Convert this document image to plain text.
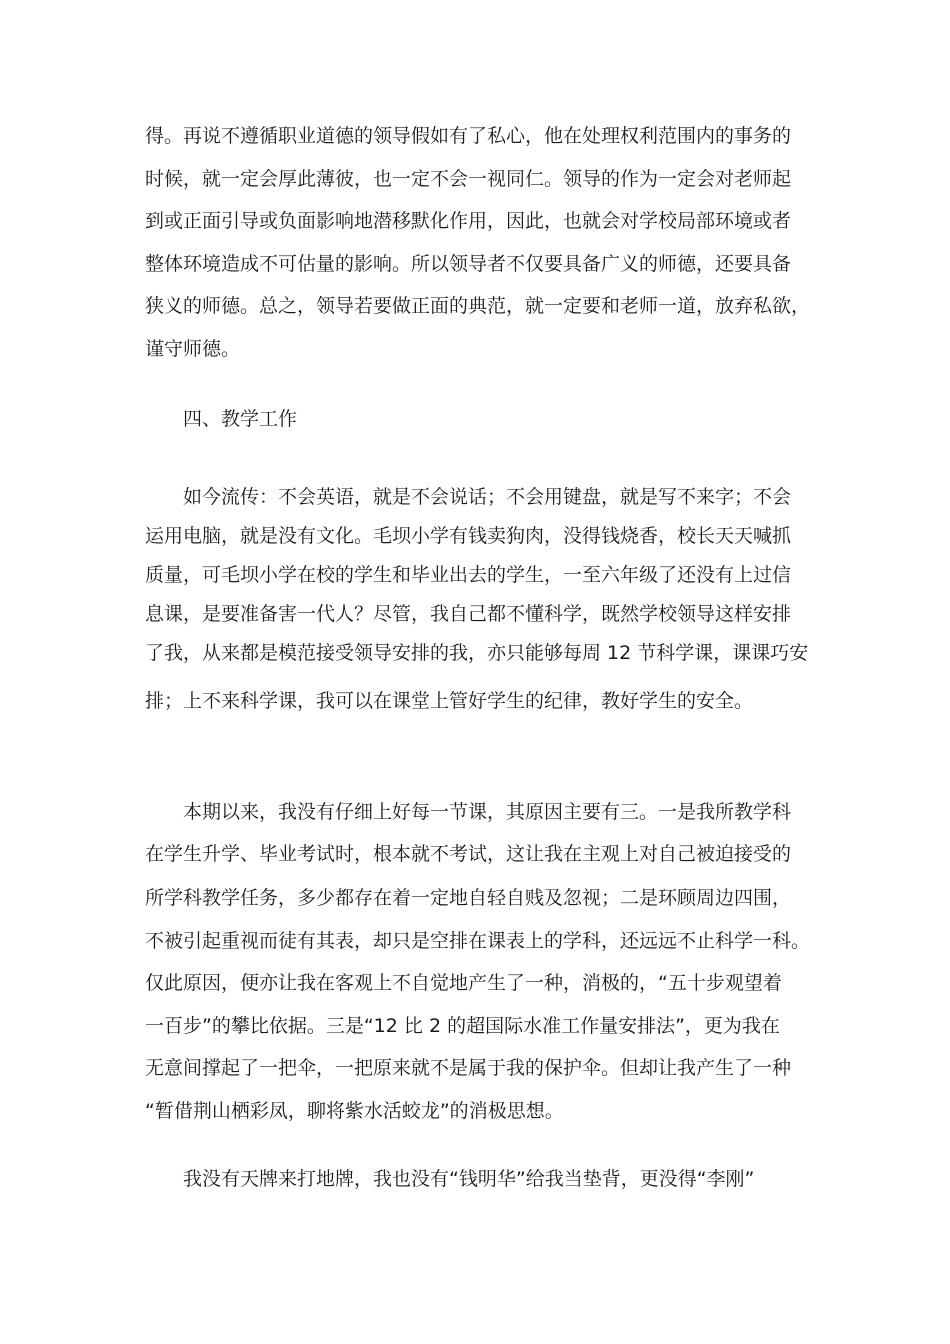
得。再说不遵循职业道德的领导假如有了私心，他在处理权利范围内的事务的
时候，就一定会厚此薄彼，也一定不会一视同仁。领导的作为一定会对老师起
到或正面引导或负面影响地潜移默化作用，因此，也就会对学校局部环境或者
整体环境造成不可估量的影响。所以领导者不仅要具备广义的师德，还要具备
狭义的师德。总之，领导若要做正面的典范，就一定要和老师一道，放弃私欲，
谨守师德。
四、教学工作
如今流传：不会英语，就是不会说话；不会用键盘，就是写不来字；不会
运用电脑，就是没有文化。毛坝小学有钱卖狗肉，没得钱烧香，校长天天喊抓
质量，可毛坝小学在校的学生和毕业出去的学生，一至六年级了还没有上过信
息课，是要准备害一代人？尽管，我自己都不懂科学，既然学校领导这样安排
了我，从来都是模范接受领导安排的我，亦只能够每周 12 节科学课，课课巧安
排；上不来科学课，我可以在课堂上管好学生的纪律，教好学生的安全。
本期以来，我没有仔细上好每一节课，其原因主要有三。一是我所教学科
在学生升学、毕业考试时，根本就不考试，这让我在主观上对自己被迫接受的
所学科教学任务，多少都存在着一定地自轻自贱及忽视；二是环顾周边四围，
不被引起重视而徒有其表，却只是空排在课表上的学科，还远远不止科学一科。
仅此原因，便亦让我在客观上不自觉地产生了一种，消极的，“五十步观望着
一百步”的攀比依据。三是“12 比 2 的超国际水准工作量安排法”，更为我在
无意间撑起了一把伞，一把原来就不是属于我的保护伞。但却让我产生了一种
“暂借荆山栖彩凤，聊将紫水活蛟龙”的消极思想。
我没有天牌来打地牌，我也没有“钱明华”给我当垫背，更没得“李刚”
